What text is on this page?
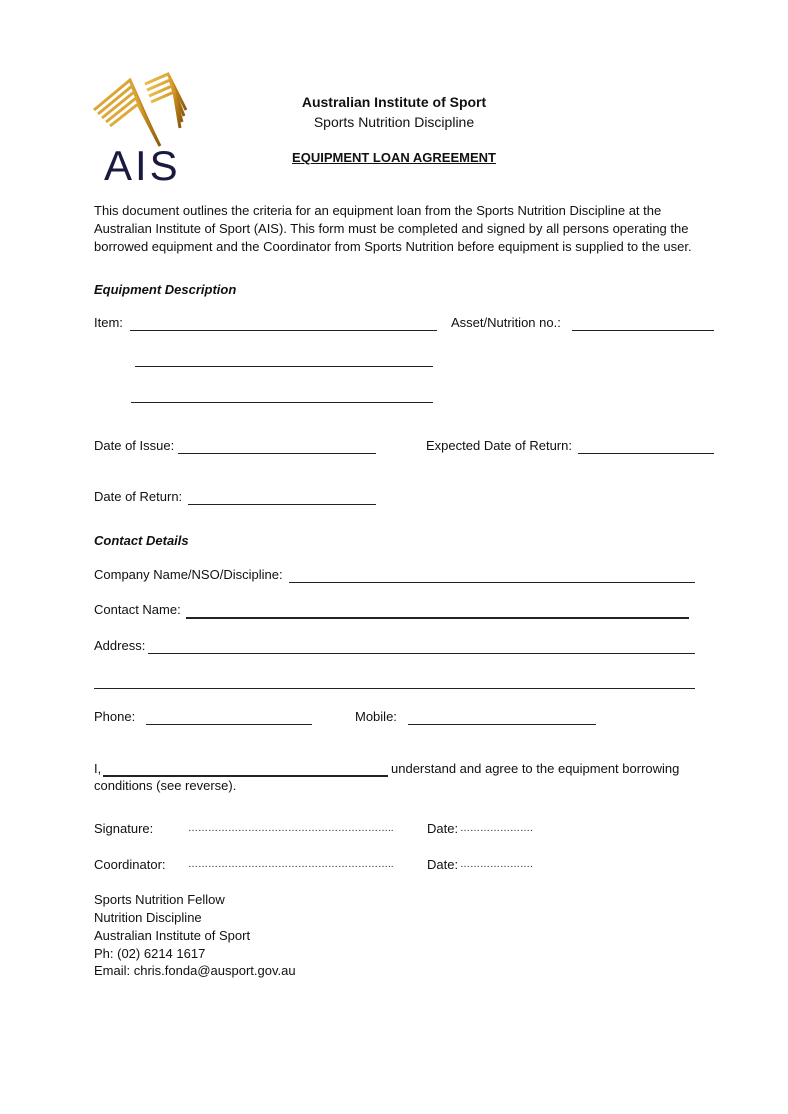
AIS
Australian Institute of Sport
Sports Nutrition Discipline
EQUIPMENT LOAN AGREEMENT
This document outlines the criteria for an equipment loan from the Sports Nutrition Discipline at the Australian Institute of Sport (AIS). This form must be completed and signed by all persons operating the borrowed equipment and the Coordinator from Sports Nutrition before equipment is supplied to the user.
Equipment Description
Item:	Asset/Nutrition no.:
Date of Issue:	Expected Date of Return:
Date of Return:
Contact Details
Company Name/NSO/Discipline:
Contact Name:
Address:
Phone:	Mobile:
I,	understand and agree to the equipment borrowing
conditions (see reverse).
Signature:	……………………………………………………..	Date: ………………….
Coordinator: ……………………………………………………..	Date: ………………….
Sports Nutrition Fellow
Nutrition Discipline
Australian Institute of Sport
Ph: (02) 6214 1617
Email: chris.fonda@ausport.gov.au
